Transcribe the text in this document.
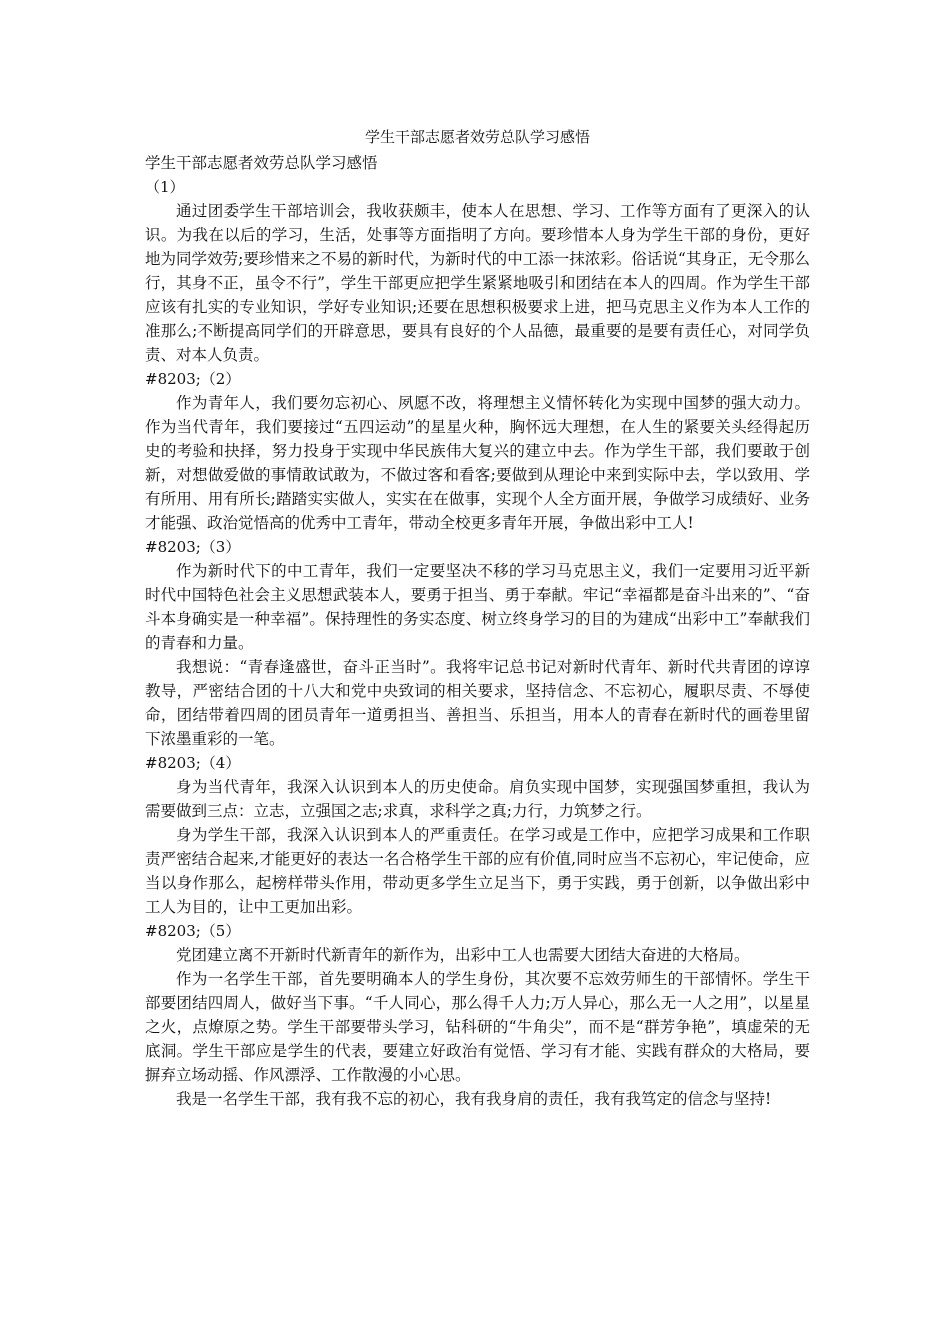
学生干部志愿者效劳总队学习感悟

学生干部志愿者效劳总队学习感悟

（1）

通过团委学生干部培训会，我收获颇丰，使本人在思想、学习、工作等方面有了更深入的认识。为我在以后的学习，生活，处事等方面指明了方向。要珍惜本人身为学生干部的身份，更好地为同学效劳;要珍惜来之不易的新时代，为新时代的中工添一抹浓彩。俗话说“其身正，无令那么行，其身不正，虽令不行”，学生干部更应把学生紧紧地吸引和团结在本人的四周。作为学生干部应该有扎实的专业知识，学好专业知识;还要在思想积极要求上进，把马克思主义作为本人工作的准那么;不断提高同学们的开辟意思，要具有良好的个人品德，最重要的是要有责任心，对同学负责、对本人负责。

#8203;（2）

作为青年人，我们要勿忘初心、夙愿不改，将理想主义情怀转化为实现中国梦的强大动力。作为当代青年，我们要接过“五四运动”的星星火种，胸怀远大理想，在人生的紧要关头经得起历史的考验和抉择，努力投身于实现中华民族伟大复兴的建立中去。作为学生干部，我们要敢于创新，对想做爱做的事情敢试敢为，不做过客和看客;要做到从理论中来到实际中去，学以致用、学有所用、用有所长;踏踏实实做人，实实在在做事，实现个人全方面开展，争做学习成绩好、业务才能强、政治觉悟高的优秀中工青年，带动全校更多青年开展，争做出彩中工人!

#8203;（3）

作为新时代下的中工青年，我们一定要坚决不移的学习马克思主义，我们一定要用习近平新时代中国特色社会主义思想武装本人，要勇于担当、勇于奉献。牢记“幸福都是奋斗出来的”、“奋斗本身确实是一种幸福”。保持理性的务实态度、树立终身学习的目的为建成“出彩中工”奉献我们的青春和力量。

我想说：“青春逢盛世，奋斗正当时”。我将牢记总书记对新时代青年、新时代共青团的谆谆教导，严密结合团的十八大和党中央致词的相关要求，坚持信念、不忘初心，履职尽责、不辱使命，团结带着四周的团员青年一道勇担当、善担当、乐担当，用本人的青春在新时代的画卷里留下浓墨重彩的一笔。

#8203;（4）

身为当代青年，我深入认识到本人的历史使命。肩负实现中国梦，实现强国梦重担，我认为需要做到三点：立志，立强国之志;求真，求科学之真;力行，力筑梦之行。

身为学生干部，我深入认识到本人的严重责任。在学习或是工作中，应把学习成果和工作职责严密结合起来,才能更好的表达一名合格学生干部的应有价值,同时应当不忘初心，牢记使命，应当以身作那么，起榜样带头作用，带动更多学生立足当下，勇于实践，勇于创新，以争做出彩中工人为目的，让中工更加出彩。

#8203;（5）

党团建立离不开新时代新青年的新作为，出彩中工人也需要大团结大奋进的大格局。

作为一名学生干部，首先要明确本人的学生身份，其次要不忘效劳师生的干部情怀。学生干部要团结四周人，做好当下事。“千人同心，那么得千人力;万人异心，那么无一人之用”，以星星之火，点燎原之势。学生干部要带头学习，钻科研的“牛角尖”，而不是“群芳争艳”，填虚荣的无底洞。学生干部应是学生的代表，要建立好政治有觉悟、学习有才能、实践有群众的大格局，要摒弃立场动摇、作风漂浮、工作散漫的小心思。

我是一名学生干部，我有我不忘的初心，我有我身肩的责任，我有我笃定的信念与坚持!
